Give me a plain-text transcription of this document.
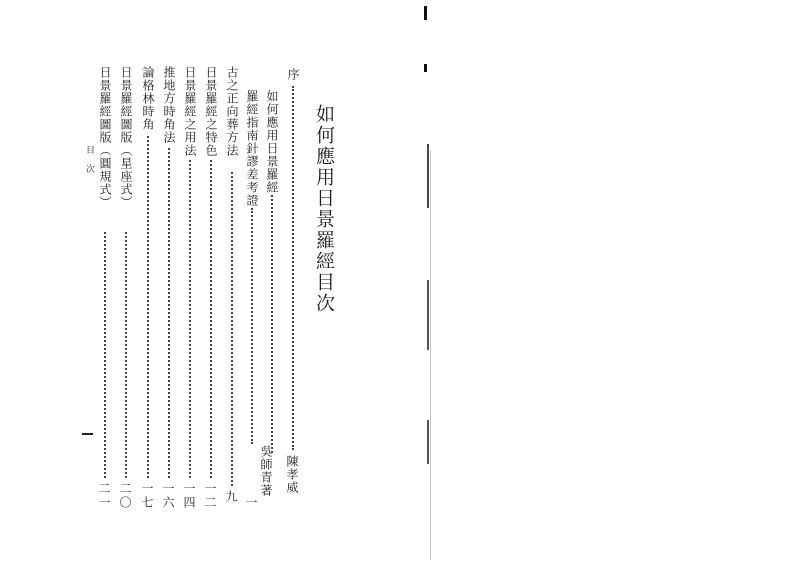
如何應用日景羅經目次
序
陳孝威
如何應用日景羅經
羅經指南針謬差考證
吳師青著
一
古之正向葬方法
九
日景羅經之特色
一二
日景羅經之用法
一四
推地方時角法
一六
論格林時角
一七
日景羅經圖版（星座式）
二〇
日景羅經圖版（圓規式）
二一
目次
